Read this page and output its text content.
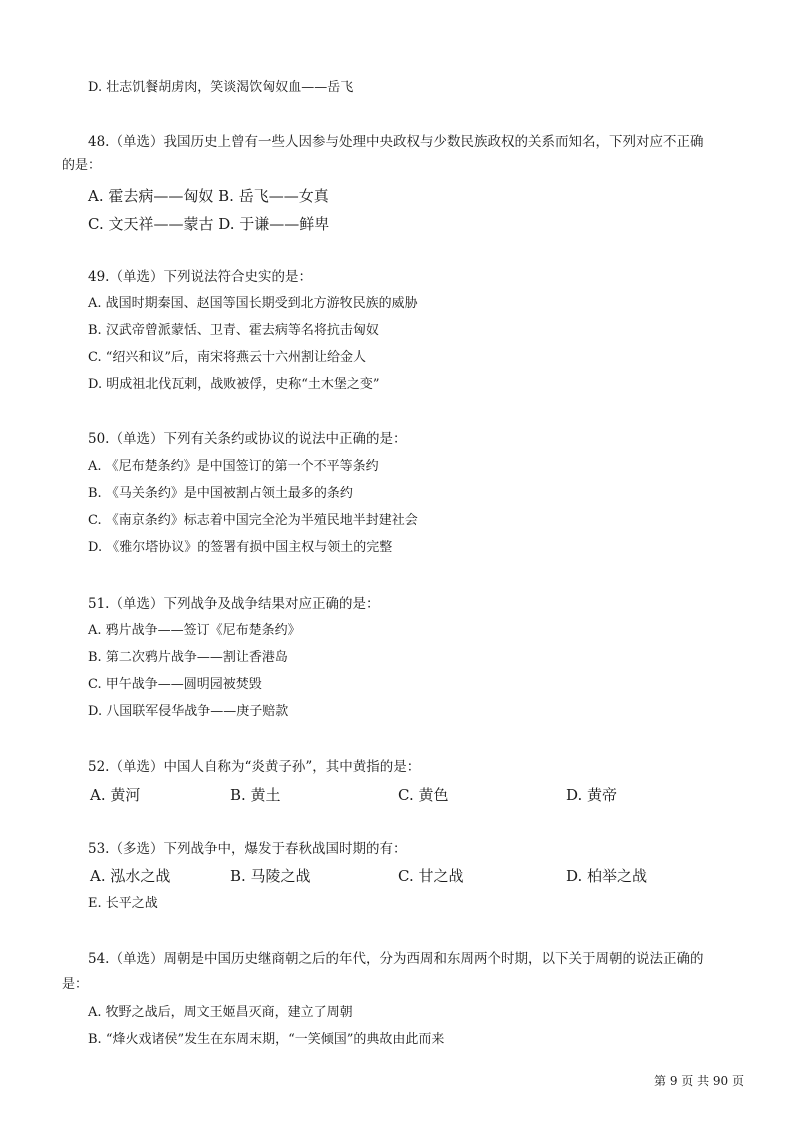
D. 壮志饥餐胡虏肉，笑谈渴饮匈奴血——岳飞
48.（单选）我国历史上曾有一些人因参与处理中央政权与少数民族政权的关系而知名，下列对应不正确
的是：
A. 霍去病——匈奴 B. 岳飞——女真
C. 文天祥——蒙古 D. 于谦——鲜卑
49.（单选）下列说法符合史实的是：
A. 战国时期秦国、赵国等国长期受到北方游牧民族的威胁
B. 汉武帝曾派蒙恬、卫青、霍去病等名将抗击匈奴
C. “绍兴和议”后，南宋将燕云十六州割让给金人
D. 明成祖北伐瓦剌，战败被俘，史称“土木堡之变”
50.（单选）下列有关条约或协议的说法中正确的是：
A. 《尼布楚条约》是中国签订的第一个不平等条约
B. 《马关条约》是中国被割占领土最多的条约
C. 《南京条约》标志着中国完全沦为半殖民地半封建社会
D. 《雅尔塔协议》的签署有损中国主权与领土的完整
51.（单选）下列战争及战争结果对应正确的是：
A. 鸦片战争——签订《尼布楚条约》
B. 第二次鸦片战争——割让香港岛
C. 甲午战争——圆明园被焚毁
D. 八国联军侵华战争——庚子赔款
52.（单选）中国人自称为“炎黄子孙”，其中黄指的是：
A. 黄河	B. 黄土	C. 黄色	D. 黄帝
53.（多选）下列战争中，爆发于春秋战国时期的有：
A. 泓水之战	B. 马陵之战	C. 甘之战	D. 柏举之战
E. 长平之战
54.（单选）周朝是中国历史继商朝之后的年代，分为西周和东周两个时期，以下关于周朝的说法正确的
是：
A. 牧野之战后，周文王姬昌灭商，建立了周朝
B. “烽火戏诸侯”发生在东周末期，“一笑倾国”的典故由此而来
第 9 页 共 90 页
